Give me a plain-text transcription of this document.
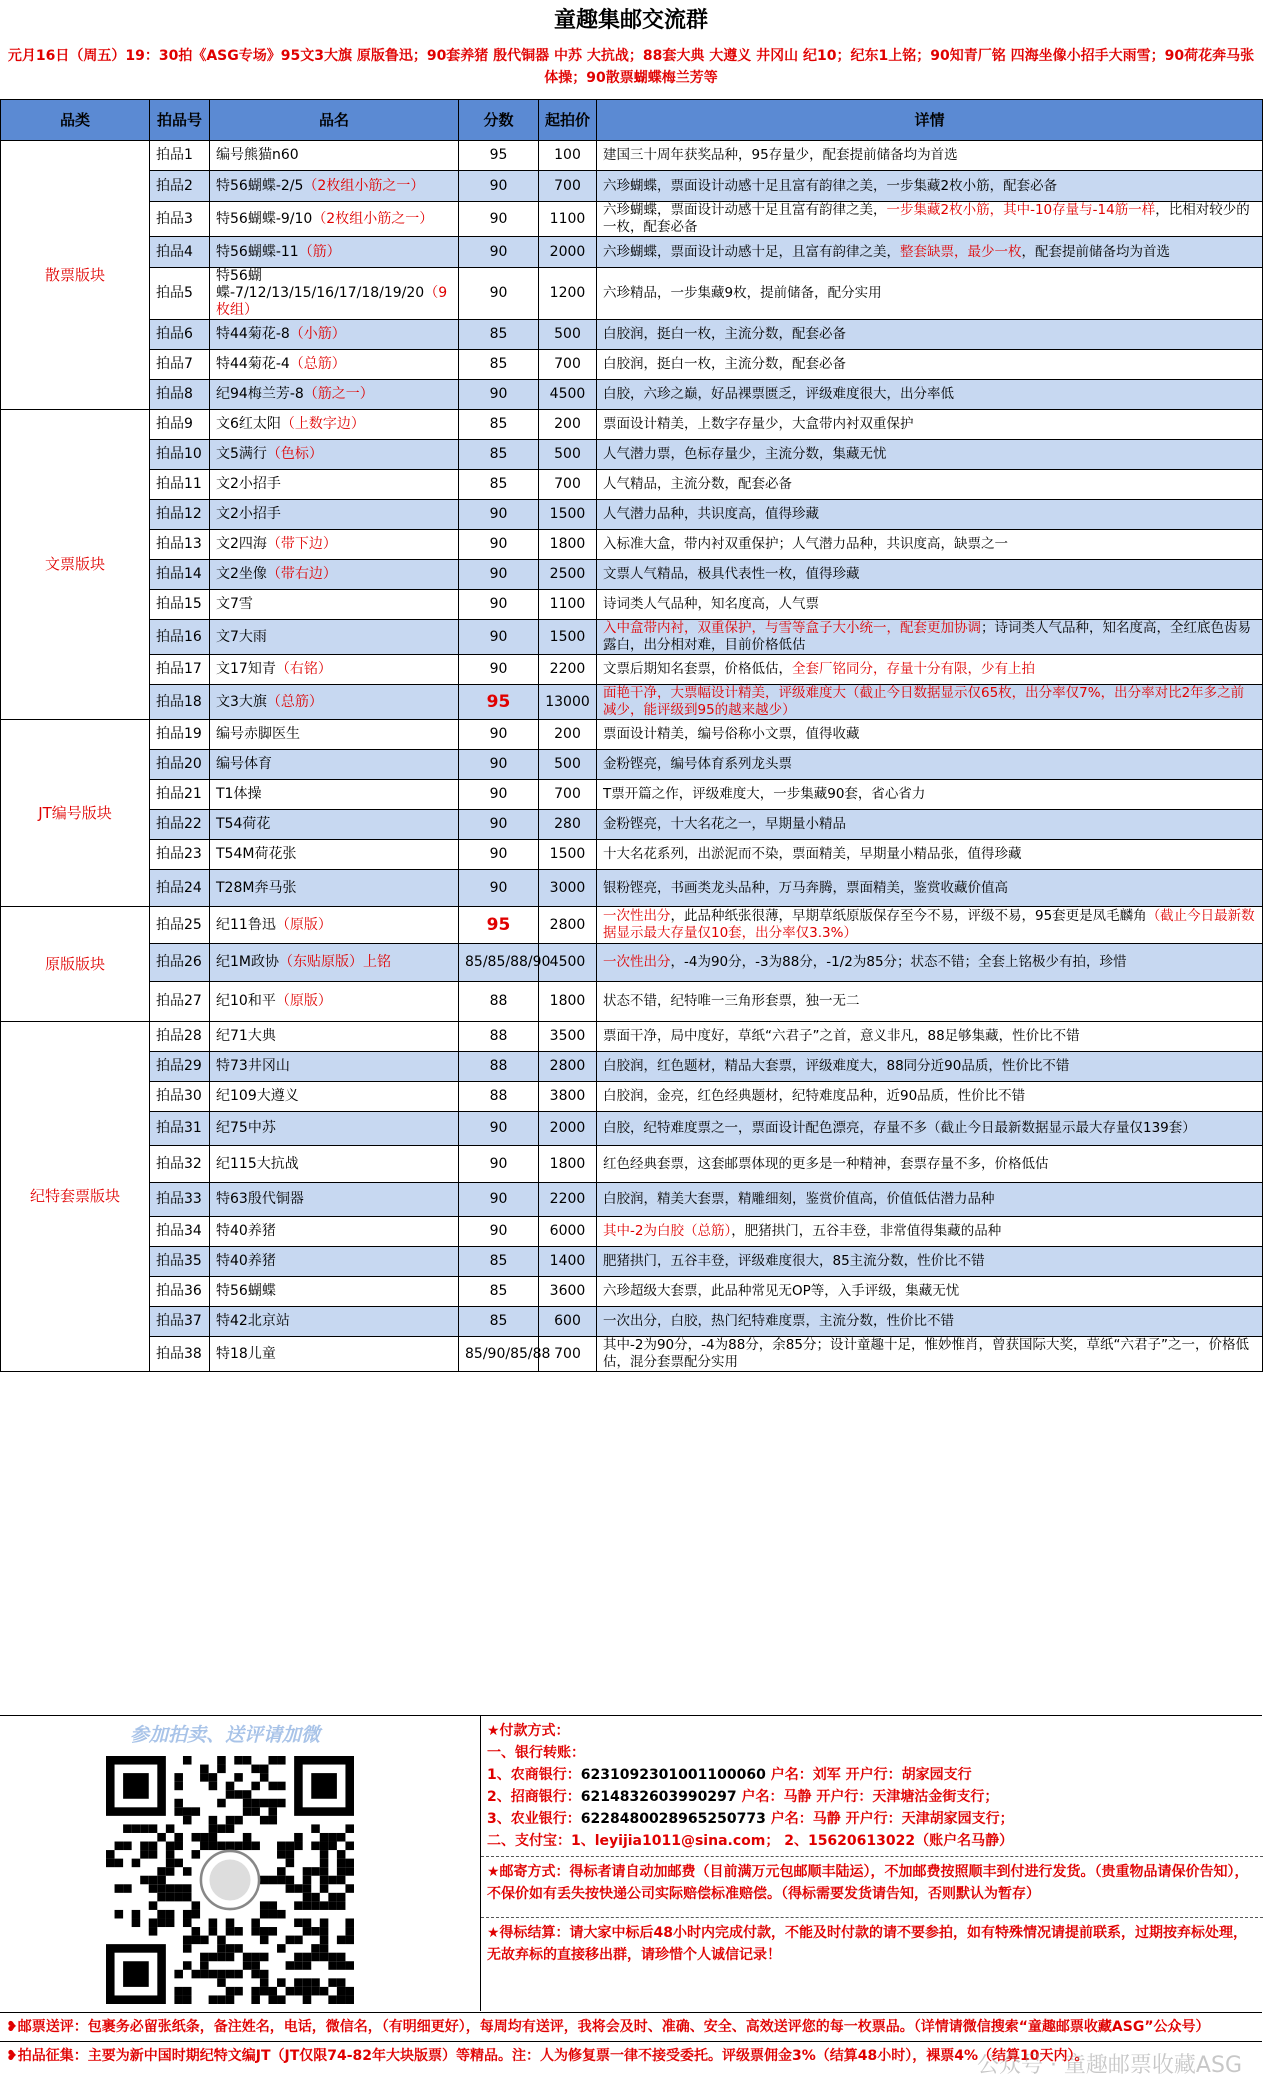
童趣集邮交流群
元月16日（周五）19：30拍《ASG专场》95文3大旗 原版鲁迅；90套养猪 殷代铜器 中苏 大抗战；88套大典 大遵义 井冈山 纪10；纪东1上铭；90知青厂铭 四海坐像小招手大雨雪；90荷花奔马张 体操；90散票蝴蝶梅兰芳等
品类	拍品号	品名	分数	起拍价	详情
散票版块	拍品1	编号熊猫n60	95	100	建国三十周年获奖品种，95存量少，配套提前储备均为首选
	拍品2	特56蝴蝶-2/5（2枚组小筋之一）	90	700	六珍蝴蝶，票面设计动感十足且富有韵律之美，一步集藏2枚小筋，配套必备
	拍品3	特56蝴蝶-9/10（2枚组小筋之一）	90	1100	六珍蝴蝶，票面设计动感十足且富有韵律之美，一步集藏2枚小筋，其中-10存量与-14筋一样，比相对较少的一枚，配套必备
	拍品4	特56蝴蝶-11（筋）	90	2000	六珍蝴蝶，票面设计动感十足，且富有韵律之美，整套缺票，最少一枚，配套提前储备均为首选
	拍品5	特56蝴蝶-7/12/13/15/16/17/18/19/20（9枚组）	90	1200	六珍精品，一步集藏9枚，提前储备，配分实用
	拍品6	特44菊花-8（小筋）	85	500	白胶润，挺白一枚，主流分数，配套必备
	拍品7	特44菊花-4（总筋）	85	700	白胶润，挺白一枚，主流分数，配套必备
	拍品8	纪94梅兰芳-8（筋之一）	90	4500	白胶，六珍之巅，好品裸票匮乏，评级难度很大，出分率低
文票版块	拍品9	文6红太阳（上数字边）	85	200	票面设计精美，上数字存量少，大盒带内衬双重保护
	拍品10	文5满行（色标）	85	500	人气潜力票，色标存量少，主流分数，集藏无忧
	拍品11	文2小招手	85	700	人气精品，主流分数，配套必备
	拍品12	文2小招手	90	1500	人气潜力品种，共识度高，值得珍藏
	拍品13	文2四海（带下边）	90	1800	入标准大盒，带内衬双重保护；人气潜力品种，共识度高，缺票之一
	拍品14	文2坐像（带右边）	90	2500	文票人气精品，极具代表性一枚，值得珍藏
	拍品15	文7雪	90	1100	诗词类人气品种，知名度高，人气票
	拍品16	文7大雨	90	1500	入中盒带内衬，双重保护，与雪等盒子大小统一，配套更加协调；诗词类人气品种，知名度高，全红底色齿易露白，出分相对难，目前价格低估
	拍品17	文17知青（右铭）	90	2200	文票后期知名套票，价格低估，全套厂铭同分，存量十分有限，少有上拍
	拍品18	文3大旗（总筋）	95	13000	面艳干净，大票幅设计精美，评级难度大（截止今日数据显示仅65枚，出分率仅7%，出分率对比2年多之前减少，能评级到95的越来越少）
JT编号版块	拍品19	编号赤脚医生	90	200	票面设计精美，编号俗称小文票，值得收藏
	拍品20	编号体育	90	500	金粉铿亮，编号体育系列龙头票
	拍品21	T1体操	90	700	T票开篇之作，评级难度大，一步集藏90套，省心省力
	拍品22	T54荷花	90	280	金粉铿亮，十大名花之一，早期量小精品
	拍品23	T54M荷花张	90	1500	十大名花系列，出淤泥而不染，票面精美，早期量小精品张，值得珍藏
	拍品24	T28M奔马张	90	3000	银粉铿亮，书画类龙头品种，万马奔腾，票面精美，鉴赏收藏价值高
原版版块	拍品25	纪11鲁迅（原版）	95	2800	一次性出分，此品种纸张很薄，早期草纸原版保存至今不易，评级不易，95套更是凤毛麟角（截止今日最新数据显示最大存量仅10套，出分率仅3.3%）
	拍品26	纪1M政协（东贴原版）上铭	85/85/88/90	4500	一次性出分，-4为90分，-3为88分，-1/2为85分；状态不错；全套上铭极少有拍，珍惜
	拍品27	纪10和平（原版）	88	1800	状态不错，纪特唯一三角形套票，独一无二
纪特套票版块	拍品28	纪71大典	88	3500	票面干净，局中度好，草纸“六君子”之首，意义非凡，88足够集藏，性价比不错
	拍品29	特73井冈山	88	2800	白胶润，红色题材，精品大套票，评级难度大，88同分近90品质，性价比不错
	拍品30	纪109大遵义	88	3800	白胶润，金亮，红色经典题材，纪特难度品种，近90品质，性价比不错
	拍品31	纪75中苏	90	2000	白胶，纪特难度票之一，票面设计配色漂亮，存量不多（截止今日最新数据显示最大存量仅139套）
	拍品32	纪115大抗战	90	1800	红色经典套票，这套邮票体现的更多是一种精神，套票存量不多，价格低估
	拍品33	特63殷代铜器	90	2200	白胶润，精美大套票，精雕细刻，鉴赏价值高，价值低估潜力品种
	拍品34	特40养猪	90	6000	其中-2为白胶（总筋），肥猪拱门，五谷丰登，非常值得集藏的品种
	拍品35	特40养猪	85	1400	肥猪拱门，五谷丰登，评级难度很大，85主流分数，性价比不错
	拍品36	特56蝴蝶	85	3600	六珍超级大套票，此品种常见无OP等，入手评级，集藏无忧
	拍品37	特42北京站	85	600	一次出分，白胶，热门纪特难度票，主流分数，性价比不错
	拍品38	特18儿童	85/90/85/88	700	其中-2为90分，-4为88分，余85分；设计童趣十足，惟妙惟肖，曾获国际大奖，草纸“六君子”之一，价格低估，混分套票配分实用
参加拍卖、送评请加微	★付款方式：
一、银行转账：
1、农商银行：6231092301001100060 户名：刘军 开户行：胡家园支行
2、招商银行：6214832603990297 户名：马静 开户行：天津塘沽金街支行；
3、农业银行：6228480028965250773 户名：马静 开户行：天津胡家园支行；
二、支付宝：1、leyijia1011@sina.com； 2、15620613022（账户名马静）
★邮寄方式：得标者请自动加邮费（目前满万元包邮顺丰陆运），不加邮费按照顺丰到付进行发货。（贵重物品请保价告知），不保价如有丢失按快递公司实际赔偿标准赔偿。（得标需要发货请告知，否则默认为暂存）
★得标结算：请大家中标后48小时内完成付款，不能及时付款的请不要参拍，如有特殊情况请提前联系，过期按弃标处理，无故弃标的直接移出群，请珍惜个人诚信记录！
❥邮票送评：包裹务必留张纸条，备注姓名，电话，微信名，（有明细更好），每周均有送评，我将会及时、准确、安全、高效送评您的每一枚票品。（详情请微信搜索“童趣邮票收藏ASG”公众号）
❥拍品征集：主要为新中国时期纪特文编JT（JT仅限74-82年大块版票）等精品。注：人为修复票一律不接受委托。评级票佣金3%（结算48小时），裸票4%（结算10天内）。
公众号 · 童趣邮票收藏ASG
